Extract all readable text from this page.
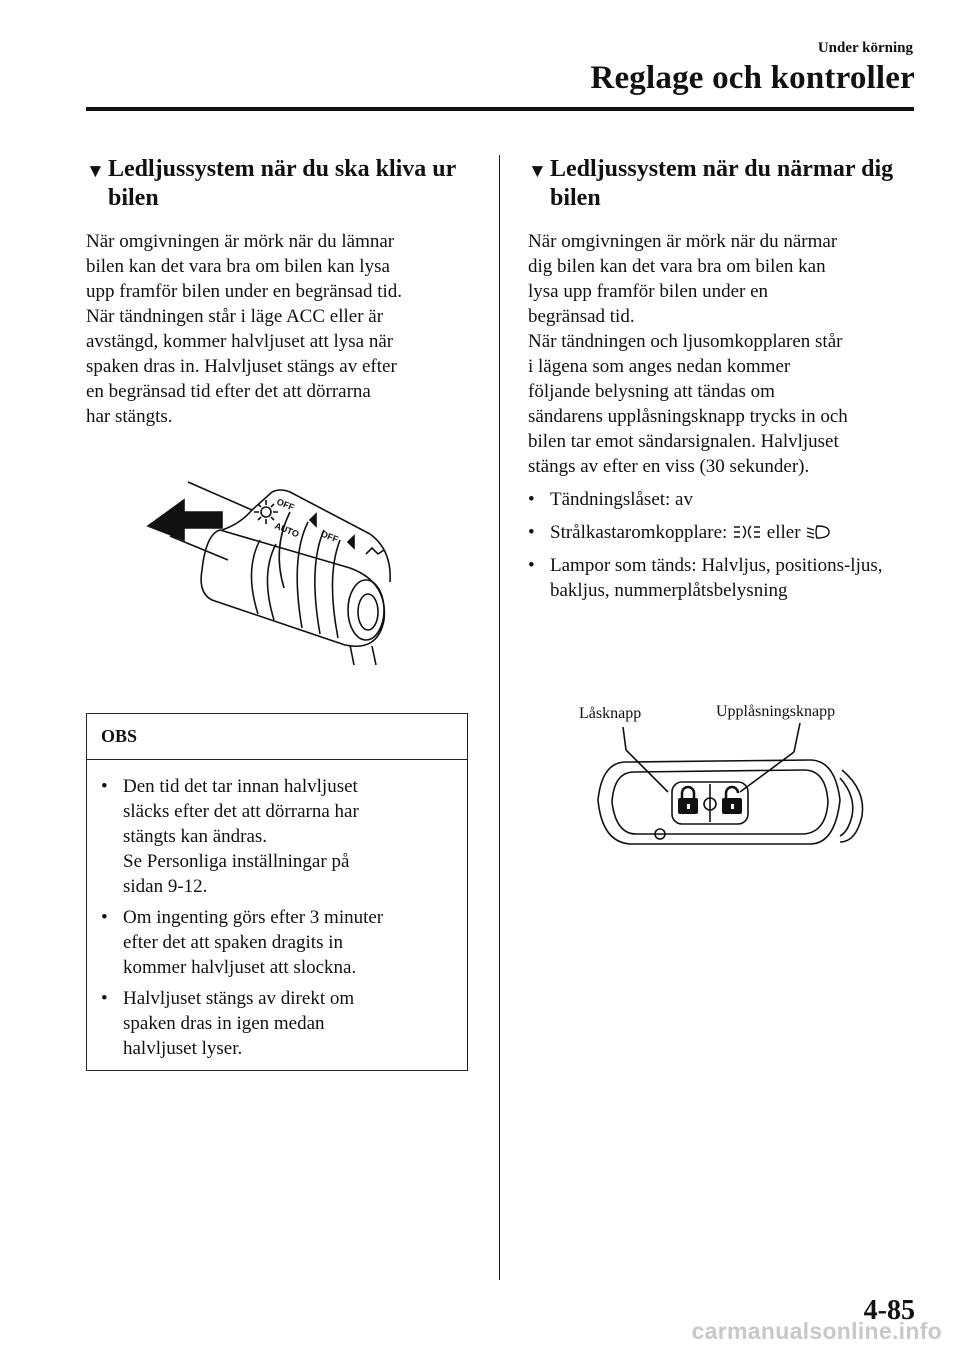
Under körning
Reglage och kontroller
▼ Ledljussystem när du ska kliva ur bilen

När omgivningen är mörk när du lämnar
bilen kan det vara bra om bilen kan lysa
upp framför bilen under en begränsad tid.
När tändningen står i läge ACC eller är
avstängd, kommer halvljuset att lysa när
spaken dras in. Halvljuset stängs av efter
en begränsad tid efter det att dörrarna
har stängts.

OFF
AUTO OFF
OBS
• Den tid det tar innan halvljuset
släcks efter det att dörrarna har
stängts kan ändras.
Se Personliga inställningar på
sidan 9-12.
• Om ingenting görs efter 3 minuter
efter det att spaken dragits in
kommer halvljuset att slockna.
• Halvljuset stängs av direkt om
spaken dras in igen medan
halvljuset lyser.
▼ Ledljussystem när du närmar dig bilen

När omgivningen är mörk när du närmar
dig bilen kan det vara bra om bilen kan
lysa upp framför bilen under en
begränsad tid.
När tändningen och ljusomkopplaren står
i lägena som anges nedan kommer
följande belysning att tändas om
sändarens upplåsningsknapp trycks in och
bilen tar emot sändarsignalen. Halvljuset
stängs av efter en viss (30 sekunder).

• Tändningslåset: av
• Strålkastaromkopplare: eller
• Lampor som tänds: Halvljus, positions-ljus, bakljus, nummerplåtsbelysning
Låsknapp	Upplåsningsknapp
4-85
carmanualsonline.info
